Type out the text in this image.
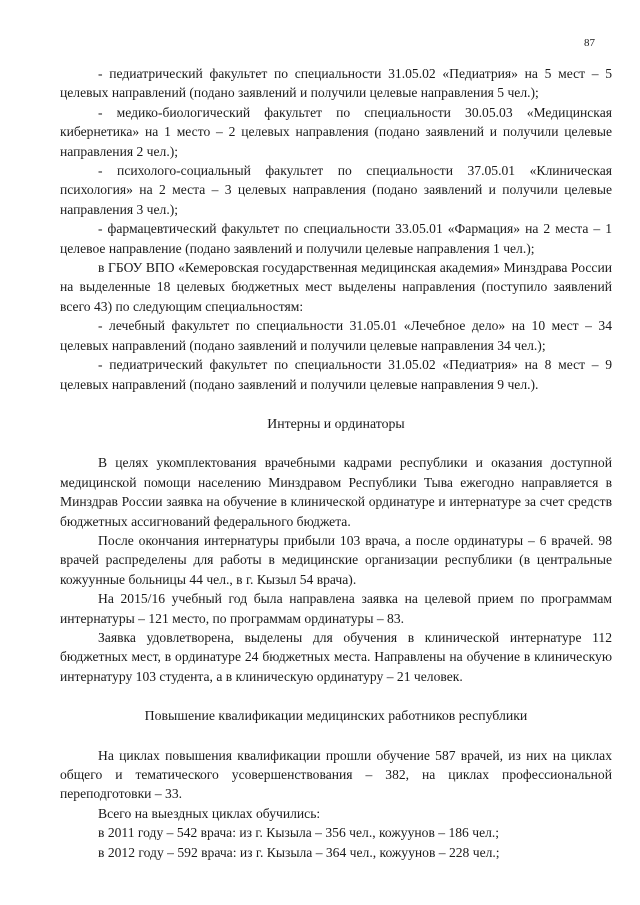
87

- педиатрический факультет по специальности 31.05.02 «Педиатрия» на 5 мест – 5 целевых направлений (подано заявлений и получили целевые направления 5 чел.);

- медико-биологический факультет по специальности 30.05.03 «Медицинская кибернетика» на 1 место – 2 целевых направления (подано заявлений и получили целевые направления 2 чел.);

- психолого-социальный факультет по специальности 37.05.01 «Клиническая психология» на 2 места – 3 целевых направления (подано заявлений и получили целевые направления 3 чел.);

- фармацевтический факультет по специальности 33.05.01 «Фармация» на 2 места – 1 целевое направление (подано заявлений и получили целевые направления 1 чел.);

в ГБОУ ВПО «Кемеровская государственная медицинская академия» Минздрава России на выделенные 18 целевых бюджетных мест выделены направления (поступило заявлений всего 43) по следующим специальностям:

- лечебный факультет по специальности 31.05.01 «Лечебное дело» на 10 мест – 34 целевых направлений (подано заявлений и получили целевые направления 34 чел.);

- педиатрический факультет по специальности 31.05.02 «Педиатрия» на 8 мест – 9 целевых направлений (подано заявлений и получили целевые направления 9 чел.).

Интерны и ординаторы

В целях укомплектования врачебными кадрами республики и оказания доступной медицинской помощи населению Минздравом Республики Тыва ежегодно направляется в Минздрав России заявка на обучение в клинической ординатуре и интернатуре за счет средств бюджетных ассигнований федерального бюджета.

После окончания интернатуры прибыли 103 врача, а после ординатуры – 6 врачей. 98 врачей распределены для работы в медицинские организации республики (в центральные кожуунные больницы 44 чел., в г. Кызыл 54 врача).

На 2015/16 учебный год была направлена заявка на целевой прием по программам интернатуры – 121 место, по программам ординатуры – 83.

Заявка удовлетворена, выделены для обучения в клинической интернатуре 112 бюджетных мест, в ординатуре 24 бюджетных места. Направлены на обучение в клиническую интернатуру 103 студента, а в клиническую ординатуру – 21 человек.

Повышение квалификации медицинских работников республики

На циклах повышения квалификации прошли обучение 587 врачей, из них на циклах общего и тематического усовершенствования – 382, на циклах профессиональной переподготовки – 33.

Всего на выездных циклах обучились:

в 2011 году – 542 врача: из г. Кызыла – 356 чел., кожуунов – 186 чел.;

в 2012 году – 592 врача: из г. Кызыла – 364 чел., кожуунов – 228 чел.;
